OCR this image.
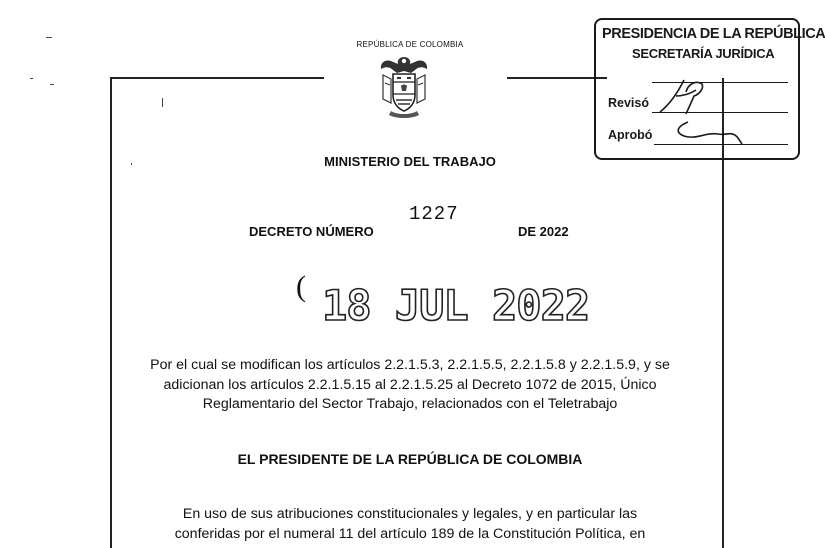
REPÚBLICA DE COLOMBIA
PRESIDENCIA DE LA REPÚBLICA
SECRETARÍA JURÍDICA
Revisó
Aprobó
MINISTERIO DEL TRABAJO
DECRETO NÚMERO
1227
DE 2022
( 18 JUL 2022
Por el cual se modifican los artículos 2.2.1.5.3, 2.2.1.5.5, 2.2.1.5.8 y 2.2.1.5.9, y se
adicionan los artículos 2.2.1.5.15 al 2.2.1.5.25 al Decreto 1072 de 2015, Único
Reglamentario del Sector Trabajo, relacionados con el Teletrabajo
EL PRESIDENTE DE LA REPÚBLICA DE COLOMBIA
En uso de sus atribuciones constitucionales y legales, y en particular las
conferidas por el numeral 11 del artículo 189 de la Constitución Política, en
